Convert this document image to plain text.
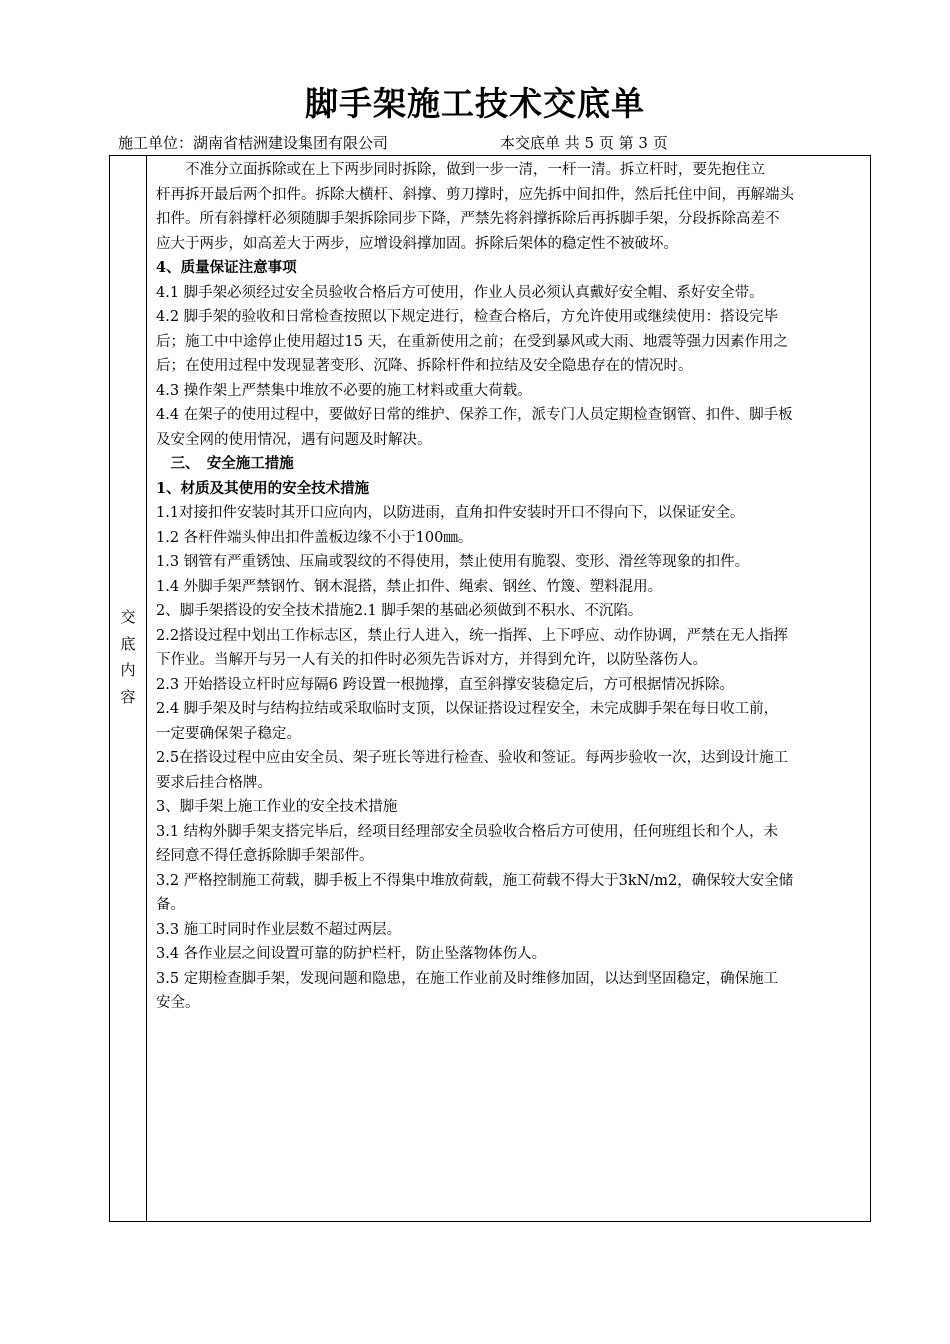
脚手架施工技术交底单
施工单位：湖南省桔洲建设集团有限公司	本交底单 共 5 页 第 3 页
交
底
内
容
　　不准分立面拆除或在上下两步同时拆除，做到一步一清，一杆一清。拆立杆时，要先抱住立
杆再拆开最后两个扣件。拆除大横杆、斜撑、剪刀撑时，应先拆中间扣件，然后托住中间，再解端头
扣件。所有斜撑杆必须随脚手架拆除同步下降，严禁先将斜撑拆除后再拆脚手架，分段拆除高差不
应大于两步，如高差大于两步，应增设斜撑加固。拆除后架体的稳定性不被破坏。
4、质量保证注意事项
4.1 脚手架必须经过安全员验收合格后方可使用，作业人员必须认真戴好安全帽、系好安全带。
4.2 脚手架的验收和日常检查按照以下规定进行，检查合格后，方允许使用或继续使用：搭设完毕
后；施工中中途停止使用超过15 天，在重新使用之前；在受到暴风或大雨、地震等强力因素作用之
后；在使用过程中发现显著变形、沉降、拆除杆件和拉结及安全隐患存在的情况时。
4.3 操作架上严禁集中堆放不必要的施工材料或重大荷载。
4.4 在架子的使用过程中，要做好日常的维护、保养工作，派专门人员定期检查钢管、扣件、脚手板
及安全网的使用情况，遇有问题及时解决。
　三、　安全施工措施
1、材质及其使用的安全技术措施
1.1对接扣件安装时其开口应向内，以防进雨，直角扣件安装时开口不得向下，以保证安全。
1.2 各杆件端头伸出扣件盖板边缘不小于100㎜。
1.3 钢管有严重锈蚀、压扁或裂纹的不得使用，禁止使用有脆裂、变形、滑丝等现象的扣件。
1.4 外脚手架严禁钢竹、钢木混搭，禁止扣件、绳索、钢丝、竹篾、塑料混用。
2、脚手架搭设的安全技术措施2.1 脚手架的基础必须做到不积水、不沉陷。
2.2搭设过程中划出工作标志区，禁止行人进入，统一指挥、上下呼应、动作协调，严禁在无人指挥
下作业。当解开与另一人有关的扣件时必须先告诉对方，并得到允许，以防坠落伤人。
2.3 开始搭设立杆时应每隔6 跨设置一根抛撑，直至斜撑安装稳定后，方可根据情况拆除。
2.4 脚手架及时与结构拉结或采取临时支顶，以保证搭设过程安全，未完成脚手架在每日收工前，
一定要确保架子稳定。
2.5在搭设过程中应由安全员、架子班长等进行检查、验收和签证。每两步验收一次，达到设计施工
要求后挂合格牌。
3、脚手架上施工作业的安全技术措施
3.1 结构外脚手架支搭完毕后，经项目经理部安全员验收合格后方可使用，任何班组长和个人，未
经同意不得任意拆除脚手架部件。
3.2 严格控制施工荷载，脚手板上不得集中堆放荷载，施工荷载不得大于3kN/m2，确保较大安全储
备。
3.3 施工时同时作业层数不超过两层。
3.4 各作业层之间设置可靠的防护栏杆，防止坠落物体伤人。
3.5 定期检查脚手架，发现问题和隐患，在施工作业前及时维修加固，以达到坚固稳定，确保施工
安全。
